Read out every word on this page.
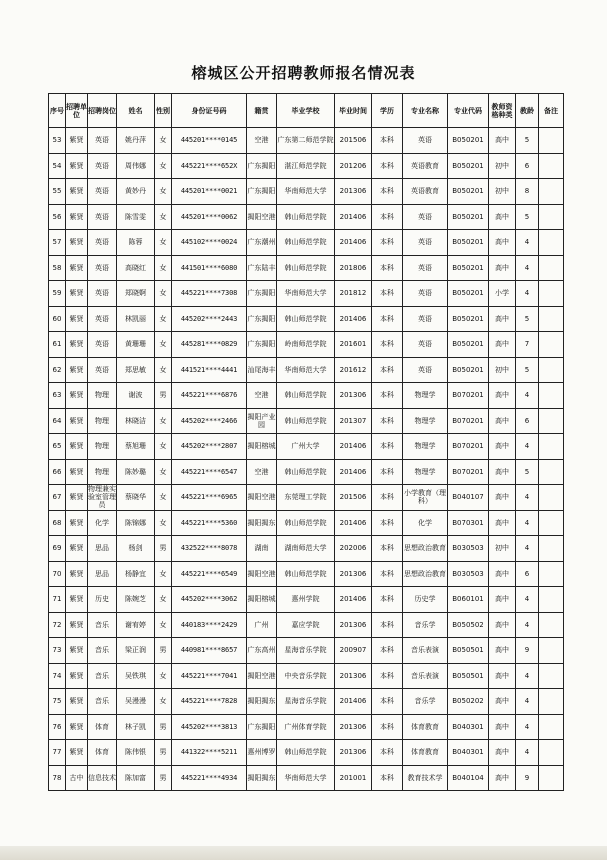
榕城区公开招聘教师报名情况表
序号	招聘单位	招聘岗位	姓名	性别	身份证号码	籍贯	毕业学校	毕业时间	学历	专业名称	专业代码	教师资格种类	教龄	备注
53	紫贤	英语	姚丹萍	女	445201****0145	空港	广东第二师范学院	201506	本科	英语	B050201	高中	5	
54	紫贤	英语	周伟娜	女	445221****652X	广东揭阳	湛江师范学院	201206	本科	英语教育	B050201	初中	6	
55	紫贤	英语	黄妙丹	女	445201****0021	广东揭阳	华南师范大学	201306	本科	英语教育	B050201	初中	8	
56	紫贤	英语	陈雪雯	女	445201****0062	揭阳空港	韩山师范学院	201406	本科	英语	B050201	高中	5	
57	紫贤	英语	陈蓉	女	445102****0024	广东潮州	韩山师范学院	201406	本科	英语	B050201	高中	4	
58	紫贤	英语	高晓红	女	441501****6080	广东陆丰	韩山师范学院	201806	本科	英语	B050201	高中	4	
59	紫贤	英语	郑晓婀	女	445221****7308	广东揭阳	华南师范大学	201812	本科	英语	B050201	小学	4	
60	紫贤	英语	林凯丽	女	445202****2443	广东揭阳	韩山师范学院	201406	本科	英语	B050201	高中	5	
61	紫贤	英语	黄珊珊	女	445281****0829	广东揭阳	岭南师范学院	201601	本科	英语	B050201	高中	7	
62	紫贤	英语	郑思敏	女	441521****4441	汕尾海丰	华南师范大学	201612	本科	英语	B050201	初中	5	
63	紫贤	物理	谢波	男	445221****6876	空港	韩山师范学院	201306	本科	物理学	B070201	高中	4	
64	紫贤	物理	林晓洁	女	445202****2466	揭阳产业园	韩山师范学院	201307	本科	物理学	B070201	高中	6	
65	紫贤	物理	蔡旭珊	女	445202****2807	揭阳榕城	广州大学	201406	本科	物理学	B070201	高中	4	
66	紫贤	物理	陈妙璐	女	445221****6547	空港	韩山师范学院	201406	本科	物理学	B070201	高中	5	
67	紫贤	物理兼实验室管理员	蔡晓华	女	445221****6965	揭阳空港	东莞理工学院	201506	本科	小学教育（理科）	B040107	高中	4	
68	紫贤	化学	陈锦娜	女	445221****5360	揭阳揭东	韩山师范学院	201406	本科	化学	B070301	高中	4	
69	紫贤	思品	杨剑	男	432522****8078	湖南	湖南师范大学	202006	本科	思想政治教育	B030503	初中	4	
70	紫贤	思品	杨静宜	女	445221****6549	揭阳空港	韩山师范学院	201306	本科	思想政治教育	B030503	高中	6	
71	紫贤	历史	陈婉芝	女	445202****3062	揭阳榕城	惠州学院	201406	本科	历史学	B060101	高中	4	
72	紫贤	音乐	谢宥婷	女	440183****2429	广州	嘉应学院	201306	本科	音乐学	B050502	高中	4	
73	紫贤	音乐	梁正润	男	440981****8657	广东高州	星海音乐学院	200907	本科	音乐表演	B050501	高中	9	
74	紫贤	音乐	吴铁琪	女	445221****7041	揭阳空港	中央音乐学院	201306	本科	音乐表演	B050501	高中	4	
75	紫贤	音乐	吴漫漫	女	445221****7828	揭阳揭东	星海音乐学院	201406	本科	音乐学	B050202	高中	4	
76	紫贤	体育	林子凯	男	445202****3813	广东揭阳	广州体育学院	201306	本科	体育教育	B040301	高中	4	
77	紫贤	体育	陈伟银	男	441322****5211	惠州博罗	韩山师范学院	201306	本科	体育教育	B040301	高中	4	
78	古中	信息技术	陈加富	男	445221****4934	揭阳揭东	华南师范大学	201001	本科	教育技术学	B040104	高中	9	
